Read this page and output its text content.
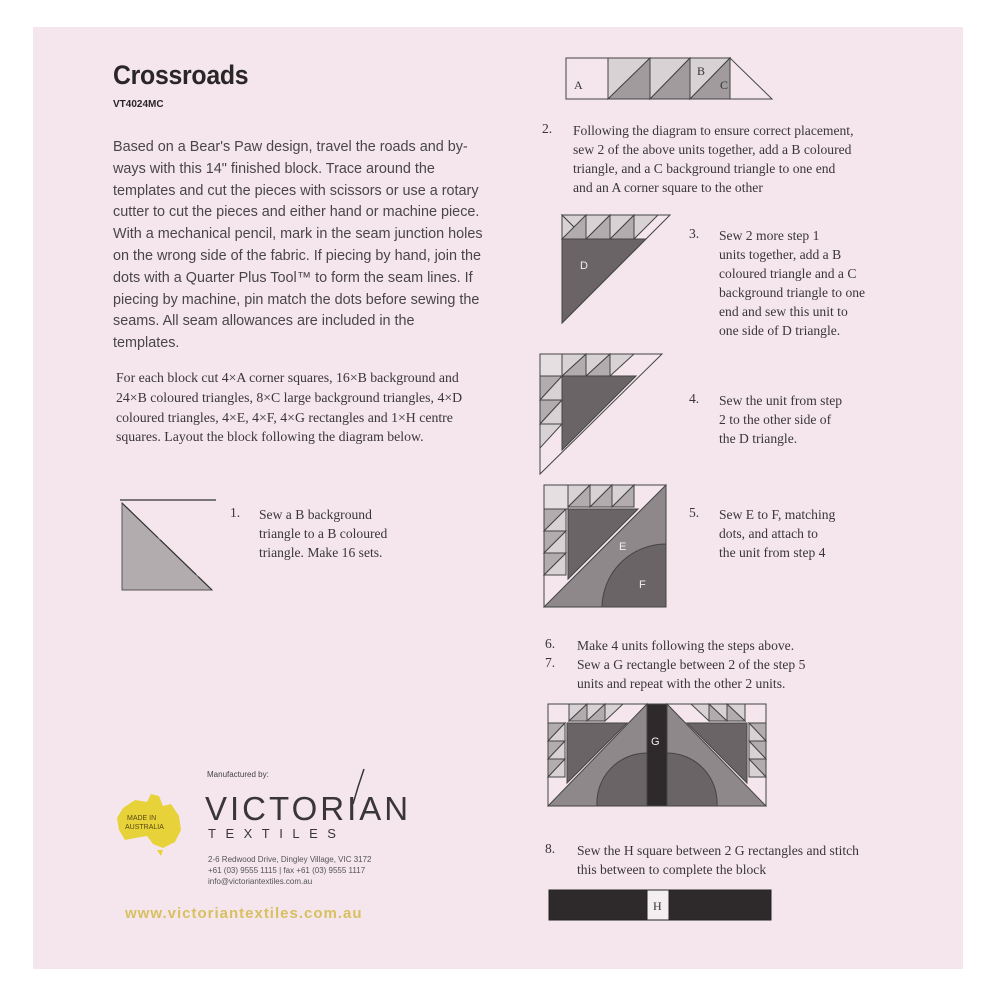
Crossroads
VT4024MC
Based on a Bear's Paw design, travel the roads and by-ways with this 14" finished block. Trace around the templates and cut the pieces with scissors or use a rotary cutter to cut the pieces and either hand or machine piece. With a mechanical pencil, mark in the seam junction holes on the wrong side of the fabric. If piecing by hand, join the dots with a Quarter Plus Tool™ to form the seam lines. If piecing by machine, pin match the dots before sewing the seams. All seam allowances are included in the templates.
For each block cut 4×A corner squares, 16×B background and 24×B coloured triangles, 8×C large background triangles, 4×D coloured triangles, 4×E, 4×F, 4×G rectangles and 1×H centre squares. Layout the block following the diagram below.
1. Sew a B background
triangle to a B coloured
triangle. Make 16 sets.
A
B
C
2. Following the diagram to ensure correct placement,
sew 2 of the above units together, add a B coloured
triangle, and a C background triangle to one end
and an A corner square to the other
D
3. Sew 2 more step 1
units together, add a B
coloured triangle and a C
background triangle to one
end and sew this unit to
one side of D triangle.
4. Sew the unit from step
2 to the other side of
the D triangle.
E
F
5. Sew E to F, matching
dots, and attach to
the unit from step 4
6. Make 4 units following the steps above.
7. Sew a G rectangle between 2 of the step 5
units and repeat with the other 2 units.
G
8. Sew the H square between 2 G rectangles and stitch
this between to complete the block
H
Manufactured by:
MADE IN
AUSTRALIA
VICTORIAN
TEXTILES
2-6 Redwood Drive, Dingley Village, VIC 3172
+61 (03) 9555 1115 | fax +61 (03) 9555 1117
info@victoriantextiles.com.au
www.victoriantextiles.com.au
